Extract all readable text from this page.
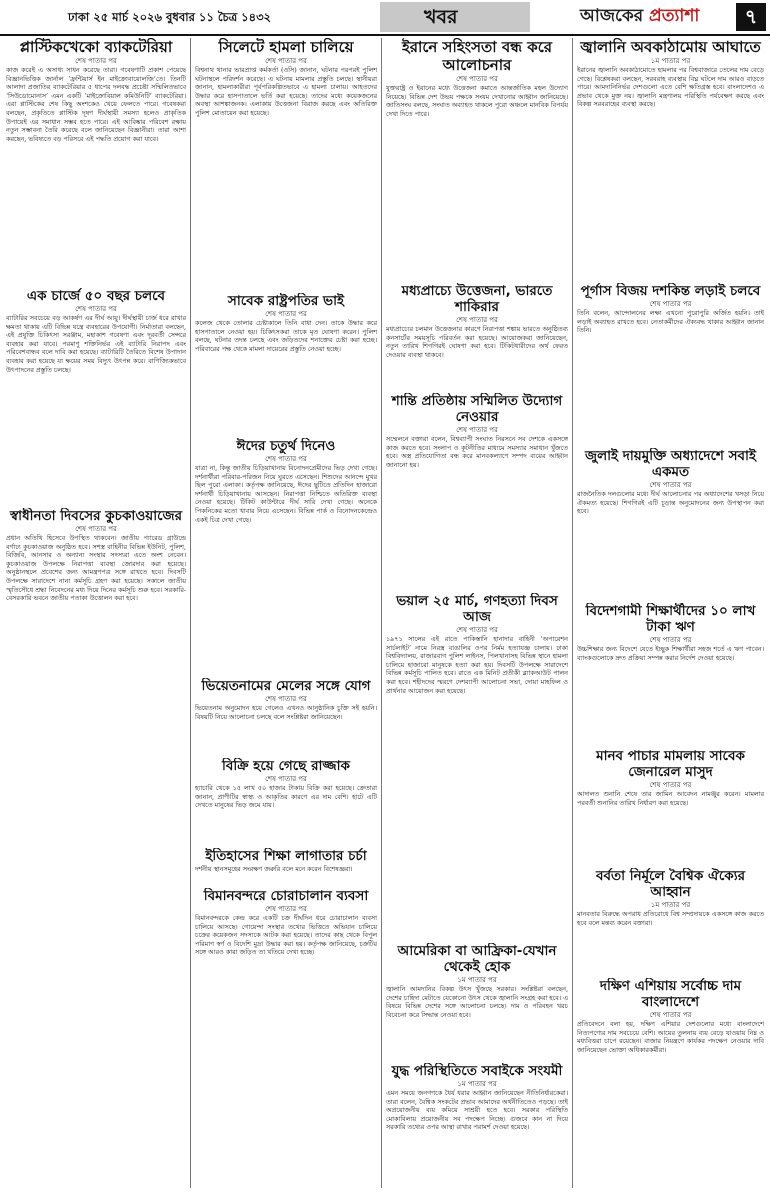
ঢাকা ২৫ মার্চ ২০২৬ বুধবার ১১ চৈত্র ১৪৩২	খবর	আজকের প্রত্যাশা	৭
প্লাস্টিকখেকো ব্যাকটেরিয়া
শেষ পাতার পর

কাজ করেই এ অসাধ্য সাধন করেছে তারা। গবেষণাটি প্রকাশ পেয়েছে বিজ্ঞানভিত্তিক জার্নাল ‘ফ্রন্টিয়ার্স ইন মাইক্রোবায়োলজি’তে। তিনটি আলাদা প্রজাতির ব্যাকটেরিয়ার ৫ ধাপের দলবদ্ধ প্রচেষ্টা সম্মিলিতভাবে ‘সিউডোমোনাস’ এমন একটি ‘মাইক্রোবিয়াল কমিউনিটি’ ব্যাকটেরিয়া। এরা প্লাস্টিকের শেষ কিছু অংশকেও খেয়ে ফেলতে পারে। গবেষকরা বলছেন, প্রকৃতিতে প্লাস্টিক দূষণ দীর্ঘস্থায়ী সমস্যা হলেও প্রাকৃতিক উপায়েই এর সমাধান সম্ভব হতে পারে। এই আবিষ্কার পরিবেশ রক্ষায় নতুন সম্ভাবনা তৈরি করেছে বলে জানিয়েছেন বিজ্ঞানীরা। তারা আশা করছেন, ভবিষ্যতে বড় পরিসরে এই পদ্ধতি প্রয়োগ করা যাবে।

এক চার্জে ৫০ বছর চলবে
শেষ পাতার পর

ব্যাটারির সবচেয়ে বড় আকর্ষণ এর দীর্ঘ আয়ু। দীর্ঘস্থায়ী চার্জ ধরে রাখার ক্ষমতা থাকায় এটি বিভিন্ন যন্ত্রে ব্যবহারের উপযোগী। নির্মাতারা বলছেন, এই প্রযুক্তি চিকিৎসা সরঞ্জাম, মহাকাশ গবেষণা এবং দূরবর্তী সেন্সরে ব্যবহার করা যাবে। পরমাণু শক্তিনির্ভর এই ব্যাটারি নিরাপদ এবং পরিবেশবান্ধব বলে দাবি করা হয়েছে। ব্যাটারিটি তৈরিতে বিশেষ উপাদান ব্যবহার করা হয়েছে যা ক্ষয়ের সময় বিদ্যুৎ উৎপন্ন করে। বাণিজ্যিকভাবে উৎপাদনের প্রস্তুতি চলছে।

স্বাধীনতা দিবসের কুচকাওয়াজের
শেষ পাতার পর

প্রধান অতিথি হিসেবে উপস্থিত থাকবেন। জাতীয় প্যারেড গ্রাউন্ডে বর্ণাঢ্য কুচকাওয়াজ অনুষ্ঠিত হবে। সশস্ত্র বাহিনীর বিভিন্ন ইউনিট, পুলিশ, বিজিবি, আনসার ও অন্যান্য সংস্থার সদস্যরা এতে অংশ নেবেন। কুচকাওয়াজ উপলক্ষে নিরাপত্তা ব্যবস্থা জোরদার করা হয়েছে। অনুষ্ঠানস্থলে প্রবেশের জন্য আমন্ত্রণপত্র সঙ্গে রাখতে হবে। দিবসটি উপলক্ষে সারাদেশে নানা কর্মসূচি গ্রহণ করা হয়েছে। সকালে জাতীয় স্মৃতিসৌধে শ্রদ্ধা নিবেদনের মধ্য দিয়ে দিনের কর্মসূচি শুরু হবে। সরকারি-বেসরকারি ভবনে জাতীয় পতাকা উত্তোলন করা হবে।

সিলেটে হামলা চালিয়ে
শেষ পাতার পর

বিশ্বনাথ থানার ভারপ্রাপ্ত কর্মকর্তা (ওসি) জানান, ঘটনার পরপরই পুলিশ ঘটনাস্থলে পরিদর্শন করেছে। এ ঘটনায় মামলার প্রস্তুতি চলছে। স্থানীয়রা জানান, হামলাকারীরা পূর্বপরিকল্পিতভাবে এ হামলা চালায়। আহতদের উদ্ধার করে হাসপাতালে ভর্তি করা হয়েছে। তাদের মধ্যে কয়েকজনের অবস্থা আশঙ্কাজনক। এলাকায় উত্তেজনা বিরাজ করছে এবং অতিরিক্ত পুলিশ মোতায়েন করা হয়েছে।

সাবেক রাষ্ট্রপতির ভাই
শেষ পাতার পর

কলেজ থেকে তোলার চেষ্টাকালে তিনি বাধা দেন। তাকে উদ্ধার করে হাসপাতালে নেওয়া হয়। চিকিৎসকরা তাকে মৃত ঘোষণা করেন। পুলিশ বলছে, ঘটনার তদন্ত চলছে এবং জড়িতদের শনাক্তের চেষ্টা করা হচ্ছে। পরিবারের পক্ষ থেকে মামলা দায়েরের প্রস্তুতি নেওয়া হচ্ছে।

ঈদের চতুর্থ দিনেও
শেষ পাতার পর

যাত্রা না, কিন্তু জাতীয় চিড়িয়াখানায় বিনোদনপ্রেমীদের ভিড় দেখা গেছে। দর্শনার্থীরা পরিবার-পরিজন নিয়ে ঘুরতে এসেছেন। শিশুদের আনন্দে মুখর ছিল পুরো এলাকা। কর্তৃপক্ষ জানিয়েছে, ঈদের ছুটিতে প্রতিদিন হাজারো দর্শনার্থী চিড়িয়াখানায় আসছেন। নিরাপত্তা নিশ্চিতে অতিরিক্ত ব্যবস্থা নেওয়া হয়েছে। টিকিট কাউন্টারে দীর্ঘ সারি দেখা গেছে। অনেকে পিকনিকের মতো খাবার নিয়ে এসেছেন। বিভিন্ন পার্ক ও বিনোদনকেন্দ্রেও একই চিত্র দেখা গেছে।

ভিয়েতনামের মেলের সঙ্গে যোগ
শেষ পাতার পর

ভিয়েতনাম অনুমোদন হয়ে গেলেও এখনও আনুষ্ঠানিক চুক্তি সই হয়নি। বিষয়টি নিয়ে আলোচনা চলছে বলে সংশ্লিষ্টরা জানিয়েছেন।

বিক্রি হয়ে গেছে রাজ্জাক
শেষ পাতার পর

হ্যাচারি থেকে ১৫ লাখ ৫০ হাজার টাকায় বিক্রি করা হয়েছে। ক্রেতারা জানান, প্রাণীটির স্বাস্থ্য ও আকৃতির কারণে এর দাম বেশি। হাটে এটি দেখতে মানুষের ভিড় জমে যায়।

ইতিহাসের শিক্ষা লাগাতার চর্চা

দর্শনীয় স্থানসমূহের সংরক্ষণ জরুরি বলে মনে করেন বিশেষজ্ঞরা।

বিমানবন্দরে চোরাচালান ব্যবসা
শেষ পাতার পর

বিমানবন্দরকে কেন্দ্র করে একটি চক্র দীর্ঘদিন ধরে চোরাচালান ব্যবসা চালিয়ে আসছে। গোয়েন্দা সংস্থার তথ্যের ভিত্তিতে অভিযান চালিয়ে চক্রের কয়েকজন সদস্যকে আটক করা হয়েছে। তাদের কাছ থেকে বিপুল পরিমাণ স্বর্ণ ও বিদেশি মুদ্রা উদ্ধার করা হয়। কর্তৃপক্ষ জানিয়েছে, চক্রটির সঙ্গে আরও কারা জড়িত তা খতিয়ে দেখা হচ্ছে।

ইরানে সহিংসতা বন্ধ করে আলোচনার
শেষ পাতার পর

যুক্তরাষ্ট্র ও ইরানের মধ্যে উত্তেজনা কমাতে আন্তর্জাতিক মহল উদ্যোগ নিয়েছে। বিভিন্ন দেশ উভয় পক্ষকে সংযম দেখানোর আহ্বান জানিয়েছে। জাতিসংঘ বলছে, সংঘাত অব্যাহত থাকলে পুরো অঞ্চলে মানবিক বিপর্যয় দেখা দিতে পারে।

মধ্যপ্রাচ্যে উত্তেজনা, ভারতে শাকিরার
শেষ পাতার পর

মধ্যপ্রাচ্যের চলমান উত্তেজনার কারণে নিরাপত্তা শঙ্কায় ভারতে অনুষ্ঠিতব্য কনসার্টের সময়সূচি পরিবর্তন করা হয়েছে। আয়োজকরা জানিয়েছেন, নতুন তারিখ শিগগিরই ঘোষণা করা হবে। টিকিটধারীদের অর্থ ফেরত দেওয়ার ব্যবস্থা থাকবে।

শান্তি প্রতিষ্ঠায় সম্মিলিত উদ্যোগ নেওয়ার
শেষ পাতার পর

সম্মেলনে বক্তারা বলেন, বিশ্বব্যাপী সংঘাত নিরসনে সব দেশকে একসঙ্গে কাজ করতে হবে। সংলাপ ও কূটনীতির মাধ্যমে সমস্যার সমাধান খুঁজতে হবে। অস্ত্র প্রতিযোগিতা বন্ধ করে মানবকল্যাণে সম্পদ ব্যয়ের আহ্বান জানানো হয়।

ভয়াল ২৫ মার্চ, গণহত্যা দিবস আজ
শেষ পাতার পর

১৯৭১ সালের এই রাতে পাকিস্তানি হানাদার বাহিনী ‘অপারেশন সার্চলাইট’ নামে নিরস্ত্র বাঙালির ওপর নির্মম হত্যাযজ্ঞ চালায়। ঢাকা বিশ্ববিদ্যালয়, রাজারবাগ পুলিশ লাইনস, পিলখানাসহ বিভিন্ন স্থানে হামলা চালিয়ে হাজারো মানুষকে হত্যা করা হয়। দিবসটি উপলক্ষে সারাদেশে বিভিন্ন কর্মসূচি পালিত হবে। রাতে এক মিনিট প্রতীকী ব্ল্যাকআউট পালন করা হবে। শহীদদের স্মরণে দেশব্যাপী আলোচনা সভা, দোয়া মাহফিল ও প্রার্থনার আয়োজন করা হয়েছে।

আমেরিকা বা আফ্রিকা-যেখান থেকেই হোক
১ম পাতার পর

জ্বালানি আমদানির বিকল্প উৎস খুঁজছে সরকার। সংশ্লিষ্টরা বলছেন, দেশের চাহিদা মেটাতে যেকোনো উৎস থেকে জ্বালানি সংগ্রহ করা হবে। এ বিষয়ে বিভিন্ন দেশের সঙ্গে আলোচনা চলছে। দাম ও পরিবহন খরচ বিবেচনা করে সিদ্ধান্ত নেওয়া হবে।

যুদ্ধ পরিস্থিতিতে সবাইকে সংযমী
১ম পাতার পর

এমন সময়ে জনগণকে ধৈর্য ধরার আহ্বান জানিয়েছেন নীতিনির্ধারকেরা। তারা বলেন, বৈশ্বিক সংকটের প্রভাব আমাদের অর্থনীতিতেও পড়ছে। তাই অপ্রয়োজনীয় ব্যয় কমিয়ে সাশ্রয়ী হতে হবে। সরকার পরিস্থিতি মোকাবিলায় প্রয়োজনীয় সব পদক্ষেপ নিচ্ছে। গুজবে কান না দিয়ে সরকারি তথ্যের ওপর আস্থা রাখার পরামর্শ দেওয়া হয়েছে।

জ্বালানি অবকাঠামোয় আঘাতে
১ম পাতার পর

ইরানের জ্বালানি অবকাঠামোতে হামলার পর বিশ্ববাজারে তেলের দাম বেড়ে গেছে। বিশ্লেষকরা বলছেন, সরবরাহ ব্যবস্থায় বিঘ্ন ঘটলে দাম আরও বাড়তে পারে। আমদানিনির্ভর দেশগুলো এতে বেশি ক্ষতিগ্রস্ত হবে। বাংলাদেশও এ প্রভাব থেকে মুক্ত নয়। জ্বালানি মন্ত্রণালয় পরিস্থিতি পর্যবেক্ষণ করছে এবং বিকল্প সরবরাহের ব্যবস্থা করছে।

পূর্গাস বিজয় দশকিন্ত লড়াই চলবে
শেষ পাতার পর

তিনি বলেন, আন্দোলনের লক্ষ্য এখনো পুরোপুরি অর্জিত হয়নি। তাই লড়াই অব্যাহত রাখতে হবে। নেতাকর্মীদের ঐক্যবদ্ধ থাকার আহ্বান জানান তিনি।

জুলাই দায়মুক্তি অধ্যাদেশে সবাই একমত
শেষ পাতার পর

রাজনৈতিক দলগুলোর মধ্যে দীর্ঘ আলোচনার পর অধ্যাদেশের খসড়া নিয়ে ঐকমত্য হয়েছে। শিগগিরই এটি চূড়ান্ত অনুমোদনের জন্য উপস্থাপন করা হবে।

বিদেশগামী শিক্ষার্থীদের ১০ লাখ টাকা ঋণ
শেষ পাতার পর

উচ্চশিক্ষার জন্য বিদেশে যেতে ইচ্ছুক শিক্ষার্থীরা সহজ শর্তে এ ঋণ পাবেন। ব্যাংকগুলোকে দ্রুত প্রক্রিয়া সম্পন্ন করার নির্দেশ দেওয়া হয়েছে।

মানব পাচার মামলায় সাবেক জেনারেল মাসুদ
শেষ পাতার পর

আদালত শুনানি শেষে তার জামিন আবেদন নামঞ্জুর করেন। মামলার পরবর্তী শুনানির তারিখ নির্ধারণ করা হয়েছে।

বর্বতা নির্মূলে বৈশ্বিক ঐক্যের আহ্বান
১ম পাতার পর

মানবতার বিরুদ্ধে অপরাধ প্রতিরোধে বিশ্ব সম্প্রদায়কে একসঙ্গে কাজ করতে হবে বলে মন্তব্য করেন বক্তারা।

দক্ষিণ এশিয়ায় সর্বোচ্চ দাম বাংলাদেশে
শেষ পাতার পর

প্রতিবেদনে বলা হয়, দক্ষিণ এশিয়ার দেশগুলোর মধ্যে বাংলাদেশে নিত্যপণ্যের দাম সবচেয়ে বেশি। আয়ের তুলনায় ব্যয় বেড়ে যাওয়ায় নিম্ন ও মধ্যবিত্তরা চাপে রয়েছেন। বাজার নিয়ন্ত্রণে কার্যকর পদক্ষেপ নেওয়ার দাবি জানিয়েছেন ভোক্তা অধিকারকর্মীরা।
